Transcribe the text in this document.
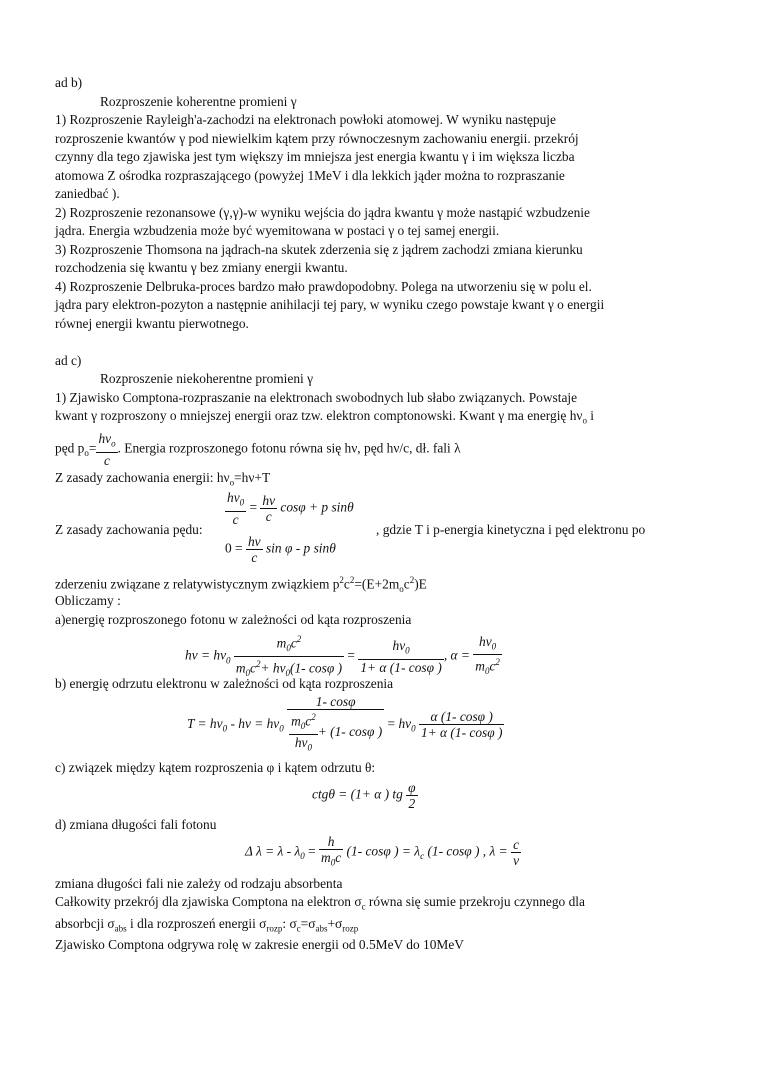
ad b)
Rozproszenie koherentne promieni γ
1) Rozproszenie Rayleigh'a-zachodzi na elektronach powłoki atomowej. W wyniku następuje
rozproszenie kwantów γ pod niewielkim kątem przy równoczesnym zachowaniu energii. przekrój
czynny dla tego zjawiska jest tym większy im mniejsza jest energia kwantu γ i im większa liczba
atomowa Z ośrodka rozpraszającego (powyżej 1MeV i dla lekkich jąder można to rozpraszanie
zaniedbać ).
2) Rozproszenie rezonansowe (γ,γ)-w wyniku wejścia do jądra kwantu γ może nastąpić wzbudzenie
jądra. Energia wzbudzenia może być wyemitowana w postaci γ o tej samej energii.
3) Rozproszenie Thomsona na jądrach-na skutek zderzenia się z jądrem zachodzi zmiana kierunku
rozchodzenia się kwantu γ bez zmiany energii kwantu.
4) Rozproszenie Delbruka-proces bardzo mało prawdopodobny. Polega na utworzeniu się w polu el.
jądra pary elektron-pozyton a następnie anihilacji tej pary, w wyniku czego powstaje kwant γ o energii
równej energii kwantu pierwotnego.
ad c)
Rozproszenie niekoherentne promieni γ
1) Zjawisko Comptona-rozpraszanie na elektronach swobodnych lub słabo związanych. Powstaje
kwant γ rozproszony o mniejszej energii oraz tzw. elektron comptonowski. Kwant γ ma energię $h\nu_o$ i
pęd $p_o= \frac{h\nu_o}{c}$ . Energia rozproszonego fotonu równa się hν, pęd hν/c, dł. fali λ
Z zasady zachowania energii: $h\nu_o=h\nu+T$
$\frac{h\nu_0}{c} = \frac{h\nu}{c}$ cosφ + p sinθ
Z zasady zachowania pędu:	, gdzie T i p-energia kinetyczna i pęd elektronu po
$0 = \frac{h\nu}{c}$ sin φ - p sinθ
zderzeniu związane z relatywistycznym związkiem $p^2c^2=(E+2m_oc^2)E$
Obliczamy :
a)energię rozproszonego fotonu w zależności od kąta rozproszenia
$h\nu = h\nu_0 \frac{m_0c^2}{m_0c^2+ h\nu_0(1- \cos\varphi )} = \frac{h\nu_0}{1+ \alpha (1- \cos\varphi )}$ , $\alpha = \frac{h\nu_0}{m_0c^2}$
b) energię odrzutu elektronu w zależności od kąta rozproszenia
$T = h\nu_0 - h\nu = h\nu_0 \frac{1- \cos\varphi}{\frac{m_0c^2}{h\nu_0} + (1- \cos\varphi )} = h\nu_0 \frac{\alpha (1- \cos\varphi )}{1+ \alpha (1- \cos\varphi )}$
c) związek między kątem rozproszenia φ i kątem odrzutu θ:
ctgθ = (1+ α ) tg $\frac{\varphi}{2}$
d) zmiana długości fali fotonu
Δ $\lambda = \lambda - \lambda_0 = \frac{h}{m_0c} (1-$ cosφ ) = $\lambda_c$ (1- cosφ ) , $\lambda = \frac{c}{\nu}$
zmiana długości fali nie zależy od rodzaju absorbenta
Całkowity przekrój dla zjawiska Comptona na elektron $\sigma_c$ równa się sumie przekroju czynnego dla
absorbcji $\sigma_{abs}$ i dla rozproszeń energii $\sigma_{rozp}$: $\sigma_c=\sigma_{abs}+\sigma_{rozp}$
Zjawisko Comptona odgrywa rolę w zakresie energii od 0.5MeV do 10MeV
